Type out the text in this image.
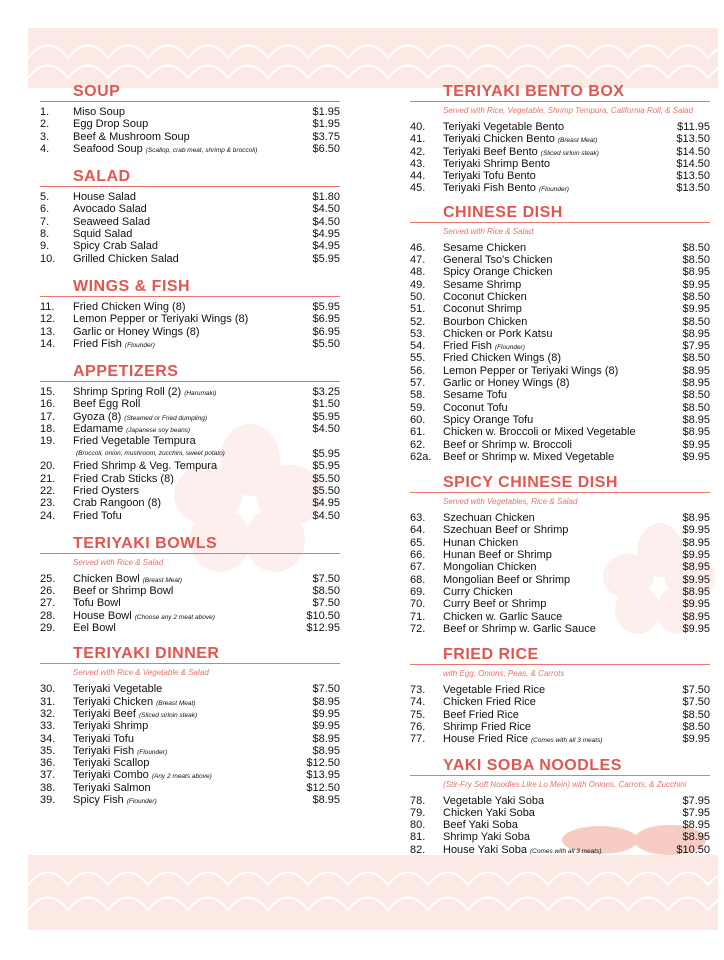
SOUP
1.	Miso Soup	$1.95
2.	Egg Drop Soup	$1.95
3.	Beef & Mushroom Soup	$3.75
4.	Seafood Soup (Scallop, crab meat, shrimp & broccoli)	$6.50
SALAD
5.	House Salad	$1.80
6.	Avocado Salad	$4.50
7.	Seaweed Salad	$4.50
8.	Squid Salad	$4.95
9.	Spicy Crab Salad	$4.95
10.	Grilled Chicken Salad	$5.95
WINGS & FISH
11.	Fried Chicken Wing (8)	$5.95
12.	Lemon Pepper or Teriyaki Wings (8)	$6.95
13.	Garlic or Honey Wings (8)	$6.95
14.	Fried Fish (Flounder)	$5.50
APPETIZERS
15.	Shrimp Spring Roll (2) (Harumaki)	$3.25
16.	Beef Egg Roll	$1.50
17.	Gyoza (8) (Steamed or Fried dumpling)	$5.95
18.	Edamame (Japanese soy beans)	$4.50
19. Fried Vegetable Tempura
(Broccoli, onion, mushroom, zucchini, sweet potato)	$5.95
20.	Fried Shrimp & Veg. Tempura	$5.95
21.	Fried Crab Sticks (8)	$5.50
22.	Fried Oysters	$5.50
23.	Crab Rangoon (8)	$4.95
24.	Fried Tofu	$4.50
TERIYAKI BOWLS
Served with Rice & Salad
25.	Chicken Bowl (Breast Meat)	$7.50
26.	Beef or Shrimp Bowl	$8.50
27.	Tofu Bowl	$7.50
28.	House Bowl (Choose any 2 meat above)	$10.50
29.	Eel Bowl	$12.95
TERIYAKI DINNER
Served with Rice & Vegetable & Salad
30.	Teriyaki Vegetable	$7.50
31.	Teriyaki Chicken (Breast Meat)	$8.95
32.	Teriyaki Beef (Sliced sirloin steak)	$9.95
33.	Teriyaki Shrimp	$9.95
34.	Teriyaki Tofu	$8.95
35.	Teriyaki Fish (Flounder)	$8.95
36.	Teriyaki Scallop	$12.50
37.	Teriyaki Combo (Any 2 meats above)	$13.95
38.	Teriyaki Salmon	$12.50
39.	Spicy Fish (Flounder)	$8.95
TERIYAKI BENTO BOX
Served with Rice, Vegetable, Shrimp Tempura, California Roll, & Salad
40.	Teriyaki Vegetable Bento	$11.95
41.	Teriyaki Chicken Bento (Breast Meat)	$13.50
42.	Teriyaki Beef Bento (Sliced sirloin steak)	$14.50
43.	Teriyaki Shrimp Bento	$14.50
44.	Teriyaki Tofu Bento	$13.50
45.	Teriyaki Fish Bento (Flounder)	$13.50
CHINESE DISH
Served with Rice & Salad
46.	Sesame Chicken	$8.50
47.	General Tso's Chicken	$8.50
48.	Spicy Orange Chicken	$8.95
49.	Sesame Shrimp	$9.95
50.	Coconut Chicken	$8.50
51.	Coconut Shrimp	$9.95
52.	Bourbon Chicken	$8.50
53.	Chicken or Pork Katsu	$8.95
54.	Fried Fish (Flounder)	$7.95
55.	Fried Chicken Wings (8)	$8.50
56.	Lemon Pepper or Teriyaki Wings (8)	$8.95
57.	Garlic or Honey Wings (8)	$8.95
58.	Sesame Tofu	$8.50
59.	Coconut Tofu	$8.50
60.	Spicy Orange Tofu	$8.95
61.	Chicken w. Broccoli or Mixed Vegetable	$8.95
62.	Beef or Shrimp w. Broccoli	$9.95
62a.	Beef or Shrimp w. Mixed Vegetable	$9.95
SPICY CHINESE DISH
Served with Vegetables, Rice & Salad
63.	Szechuan Chicken	$8.95
64.	Szechuan Beef or Shrimp	$9.95
65.	Hunan Chicken	$8.95
66.	Hunan Beef or Shrimp	$9.95
67.	Mongolian Chicken	$8.95
68.	Mongolian Beef or Shrimp	$9.95
69.	Curry Chicken	$8.95
70.	Curry Beef or Shrimp	$9.95
71.	Chicken w. Garlic Sauce	$8.95
72.	Beef or Shrimp w. Garlic Sauce	$9.95
FRIED RICE
with Egg, Onions, Peas, & Carrots
73.	Vegetable Fried Rice	$7.50
74.	Chicken Fried Rice	$7.50
75.	Beef Fried Rice	$8.50
76.	Shrimp Fried Rice	$8.50
77.	House Fried Rice (Comes with all 3 meats)	$9.95
YAKI SOBA NOODLES
(Stir-Fry Soft Noodles Like Lo Mein) with Onions, Carrots, & Zucchini
78.	Vegetable Yaki Soba	$7.95
79.	Chicken Yaki Soba	$7.95
80.	Beef Yaki Soba	$8.95
81.	Shrimp Yaki Soba	$8.95
82.	House Yaki Soba (Comes with all 3 meats)	$10.50
